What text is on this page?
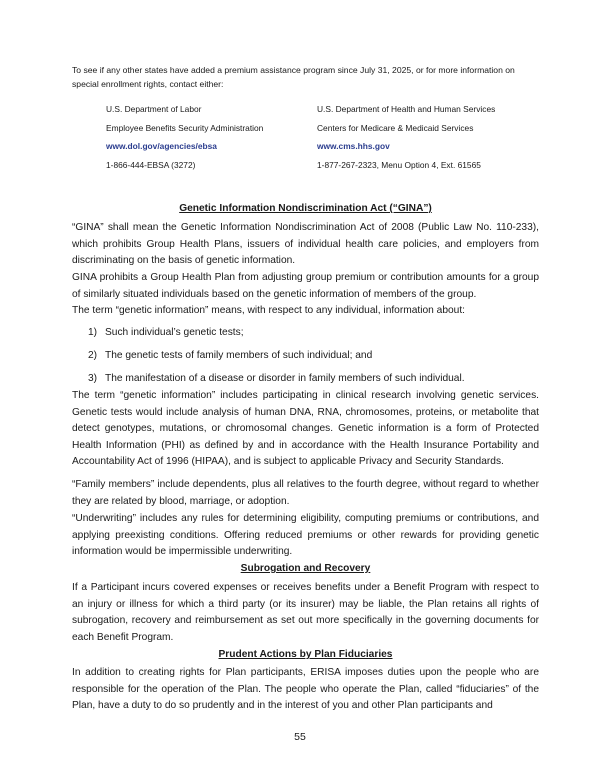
To see if any other states have added a premium assistance program since July 31, 2025, or for more information on special enrollment rights, contact either:

U.S. Department of Labor	U.S. Department of Health and Human Services
Employee Benefits Security Administration	Centers for Medicare & Medicaid Services
www.dol.gov/agencies/ebsa	www.cms.hhs.gov
1-866-444-EBSA (3272)	1-877-267-2323, Menu Option 4, Ext. 61565
Genetic Information Nondiscrimination Act (“GINA”)

“GINA” shall mean the Genetic Information Nondiscrimination Act of 2008 (Public Law No. 110-233), which prohibits Group Health Plans, issuers of individual health care policies, and employers from discriminating on the basis of genetic information.

GINA prohibits a Group Health Plan from adjusting group premium or contribution amounts for a group of similarly situated individuals based on the genetic information of members of the group.

The term “genetic information” means, with respect to any individual, information about:

1) Such individual’s genetic tests;
2) The genetic tests of family members of such individual; and
3) The manifestation of a disease or disorder in family members of such individual.

The term “genetic information” includes participating in clinical research involving genetic services. Genetic tests would include analysis of human DNA, RNA, chromosomes, proteins, or metabolite that detect genotypes, mutations, or chromosomal changes. Genetic information is a form of Protected Health Information (PHI) as defined by and in accordance with the Health Insurance Portability and Accountability Act of 1996 (HIPAA), and is subject to applicable Privacy and Security Standards.

“Family members” include dependents, plus all relatives to the fourth degree, without regard to whether they are related by blood, marriage, or adoption.

“Underwriting” includes any rules for determining eligibility, computing premiums or contributions, and applying preexisting conditions. Offering reduced premiums or other rewards for providing genetic information would be impermissible underwriting.

Subrogation and Recovery

If a Participant incurs covered expenses or receives benefits under a Benefit Program with respect to an injury or illness for which a third party (or its insurer) may be liable, the Plan retains all rights of subrogation, recovery and reimbursement as set out more specifically in the governing documents for each Benefit Program.

Prudent Actions by Plan Fiduciaries

In addition to creating rights for Plan participants, ERISA imposes duties upon the people who are responsible for the operation of the Plan. The people who operate the Plan, called “fiduciaries” of the Plan, have a duty to do so prudently and in the interest of you and other Plan participants and

55
